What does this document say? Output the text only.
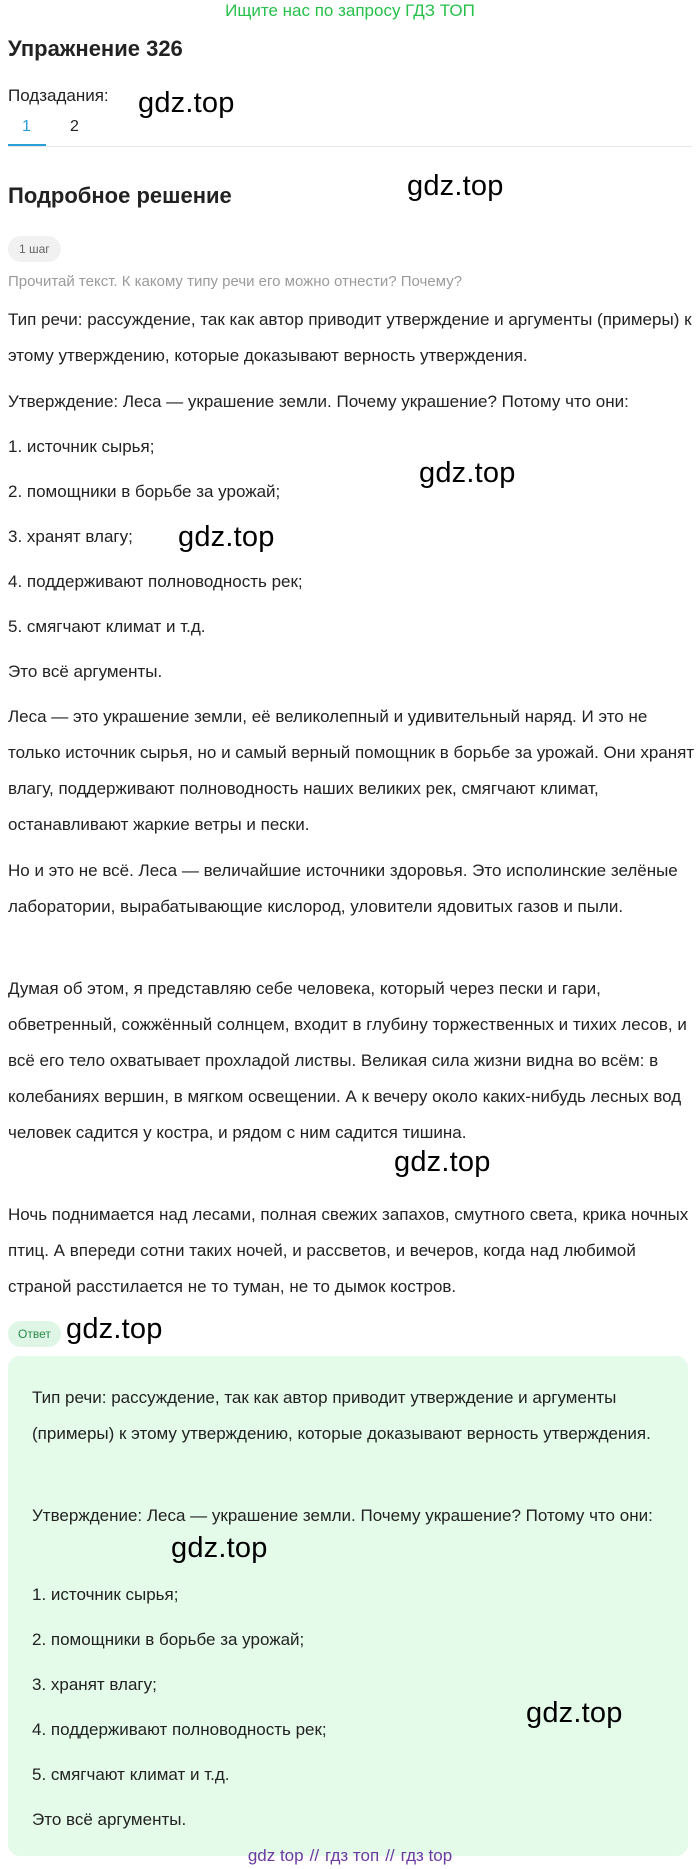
Ищите нас по запросу ГДЗ ТОП
Упражнение 326
Подзадания:
1 2
Подробное решение
1 шаг
Прочитай текст. К какому типу речи его можно отнести? Почему?

Тип речи: рассуждение, так как автор приводит утверждение и аргументы (примеры) к этому утверждению, которые доказывают верность утверждения.

Утверждение: Леса — украшение земли. Почему украшение? Потому что они:

1. источник сырья;

2. помощники в борьбе за урожай;

3. хранят влагу;

4. поддерживают полноводность рек;

5. смягчают климат и т.д.

Это всё аргументы.

Леса — это украшение земли, её великолепный и удивительный наряд. И это не только источник сырья, но и самый верный помощник в борьбе за урожай. Они хранят влагу, поддерживают полноводность наших великих рек, смягчают климат, останавливают жаркие ветры и пески.

Но и это не всё. Леса — величайшие источники здоровья. Это исполинские зелёные лаборатории, вырабатывающие кислород, уловители ядовитых газов и пыли.

Думая об этом, я представляю себе человека, который через пески и гари, обветренный, сожжённый солнцем, входит в глубину торжественных и тихих лесов, и всё его тело охватывает прохладой листвы. Великая сила жизни видна во всём: в колебаниях вершин, в мягком освещении. А к вечеру около каких-нибудь лесных вод человек садится у костра, и рядом с ним садится тишина.

Ночь поднимается над лесами, полная свежих запахов, смутного света, крика ночных птиц. А впереди сотни таких ночей, и рассветов, и вечеров, когда над любимой страной расстилается не то туман, не то дымок костров.

Ответ

Тип речи: рассуждение, так как автор приводит утверждение и аргументы (примеры) к этому утверждению, которые доказывают верность утверждения.

Утверждение: Леса — украшение земли. Почему украшение? Потому что они:

1. источник сырья;

2. помощники в борьбе за урожай;

3. хранят влагу;

4. поддерживают полноводность рек;

5. смягчают климат и т.д.

Это всё аргументы.

gdz.top
gdz.top
gdz.top
gdz.top
gdz.top
gdz.top
gdz.top
gdz.top
gdz top // гдз топ // гдз top
